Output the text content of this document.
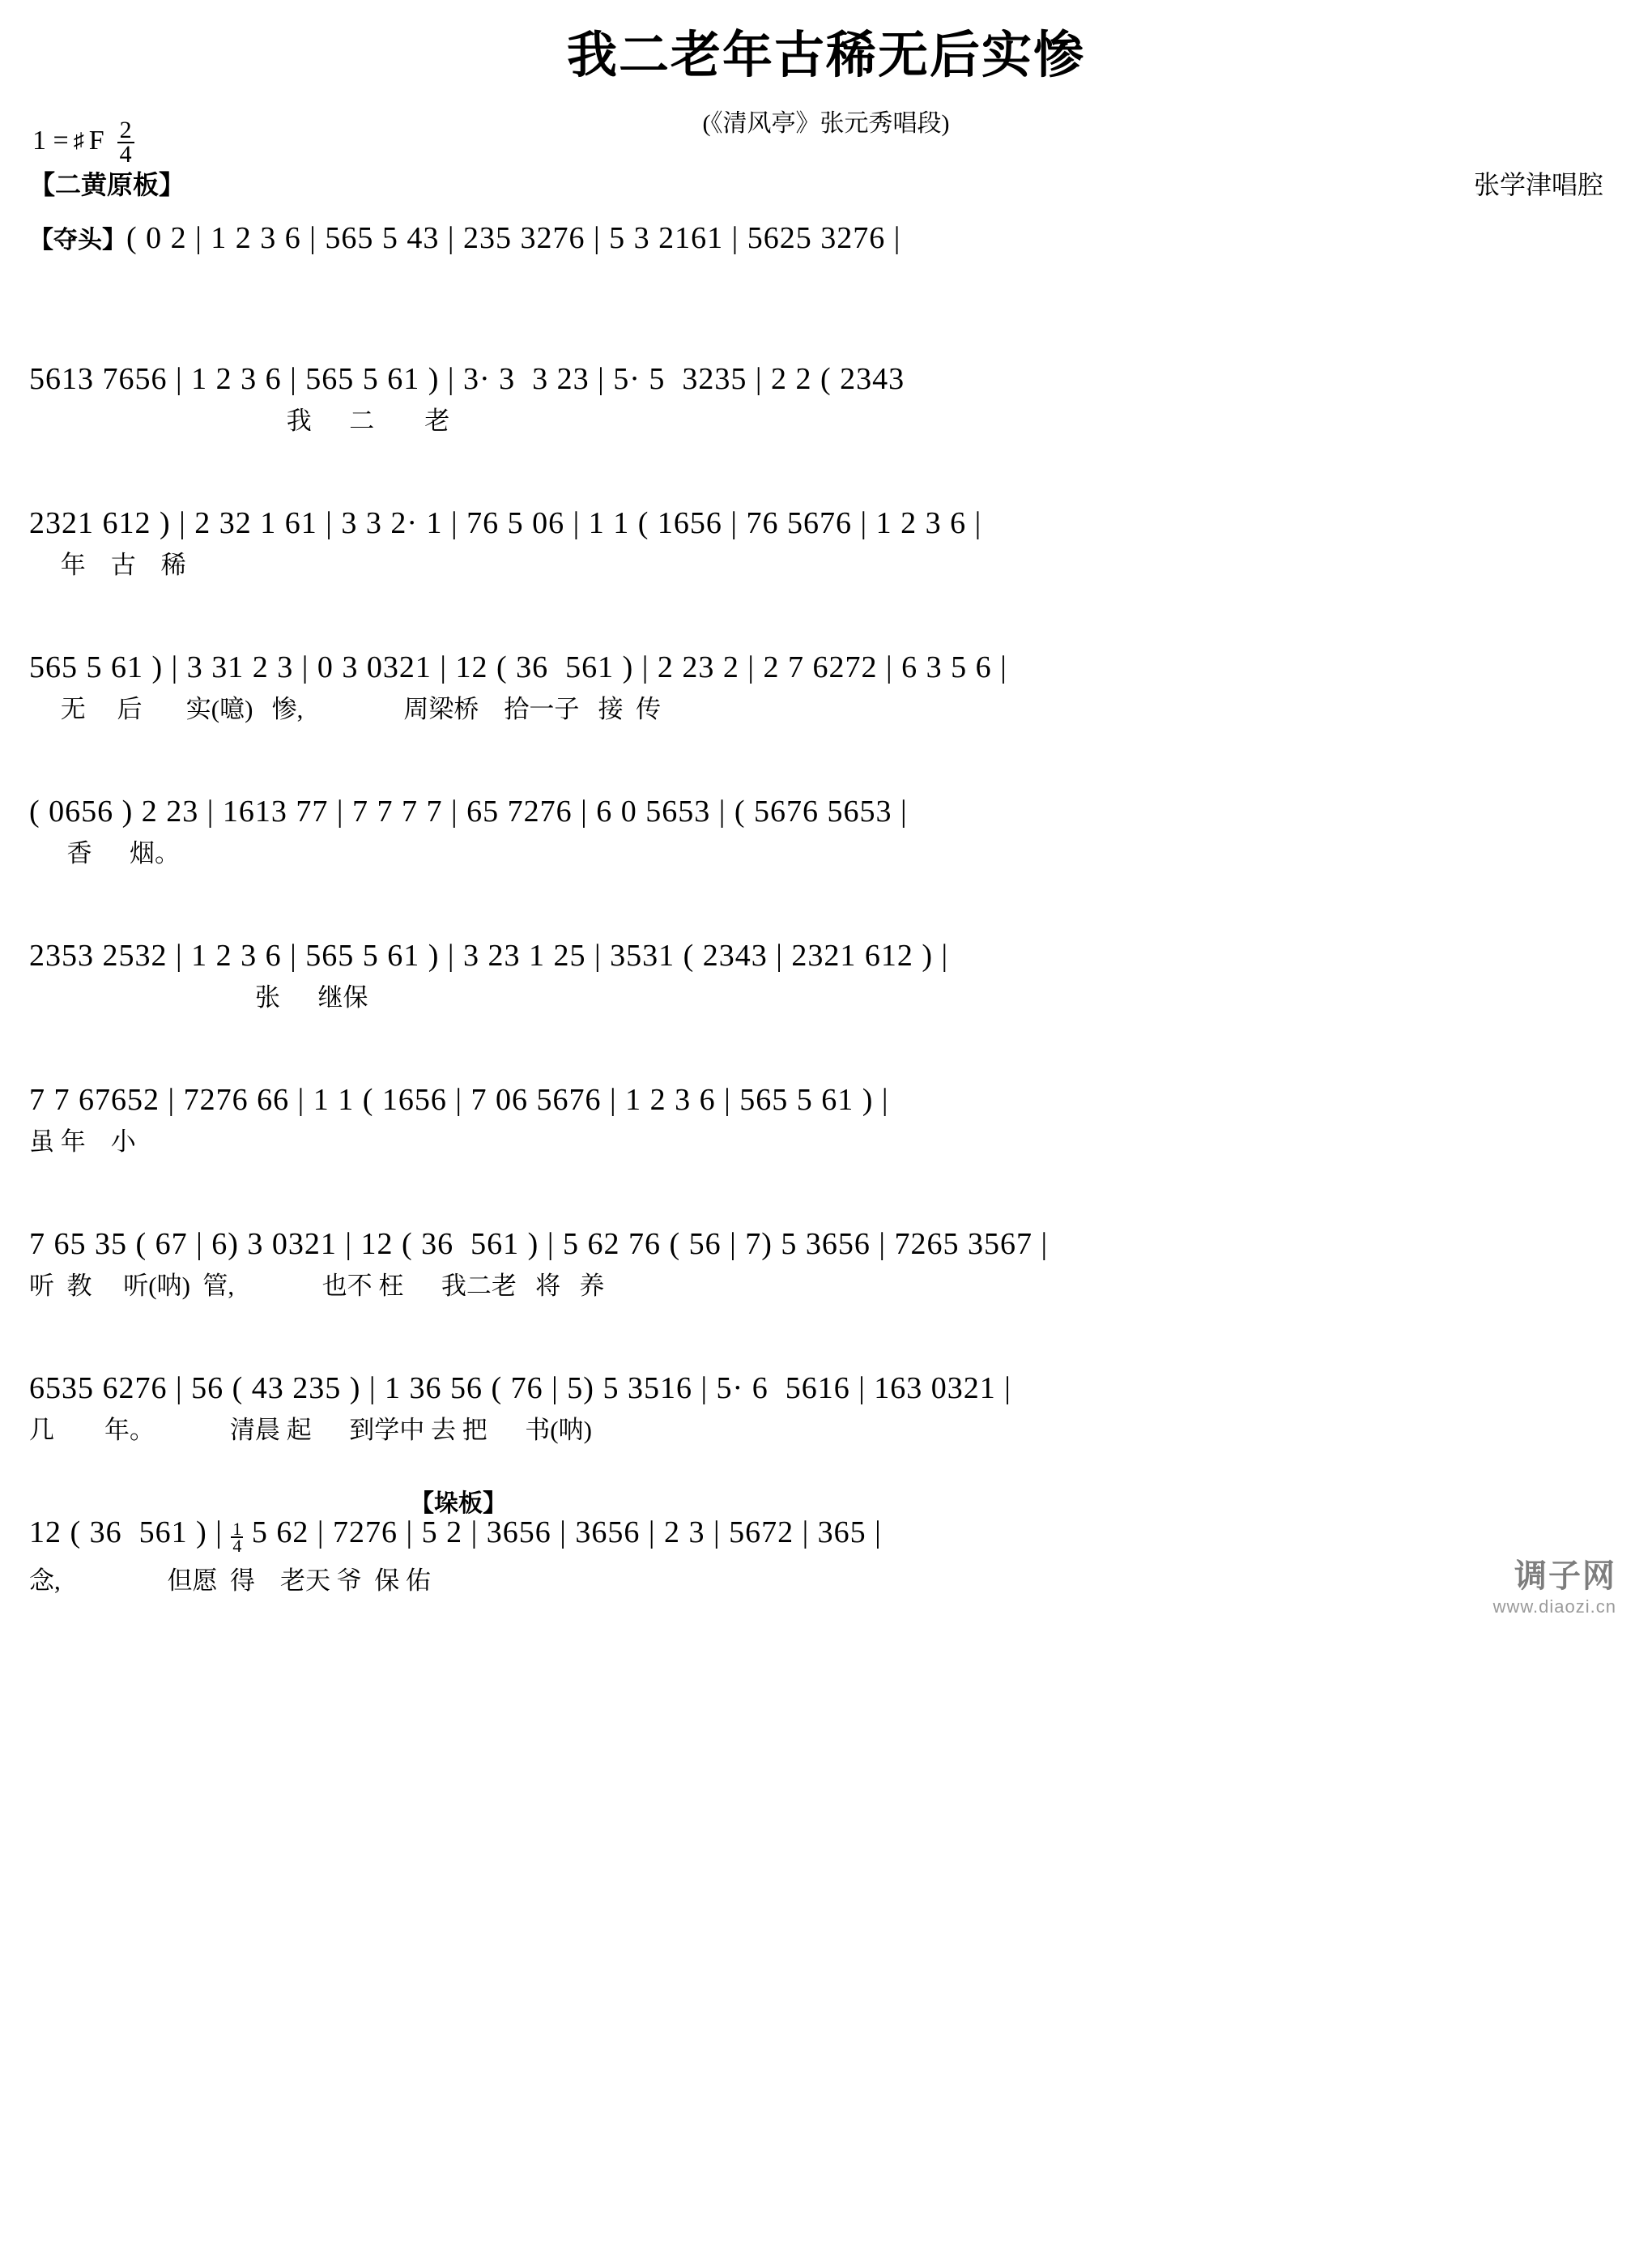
我二老年古稀无后实惨
(《清风亭》张元秀唱段)
1 = ♯ F $\frac{2}{4}$
【二黄原板】	张学津唱腔
【夺头】( 0 2 | 1 2 3 6 | 565 5 43 | 235 3276 | 5 3 2161 | 5625 3276 |
5613 7656 | 1 2 3 6 | 565 5 61 ) | 3· 3  3 23 | 5· 5  3235 | 2 2 ( 2343
我      二        老
2321 612 ) | 2 32 1 61 | 3 3 2· 1 | 76 5 06 | 1 1 ( 1656 | 76 5676 | 1 2 3 6 |
年    古    稀
565 5 61 ) | 3 31 2 3 | 0 3 0321 | 12 ( 36  561 ) | 2 23 2 | 2 7 6272 | 6 3 5 6 |
无     后       实(噫)   惨,                周梁桥    拾一子   接  传
( 0656 ) 2 23 | 1613 77 | 7 7 7 7 | 65 7276 | 6 0 5653 | ( 5676 5653 |
香      烟。
2353 2532 | 1 2 3 6 | 565 5 61 ) | 3 23 1 25 | 3531 ( 2343 | 2321 612 ) |
张      继保
7 7 67652 | 7276 66 | 1 1 ( 1656 | 7 06 5676 | 1 2 3 6 | 565 5 61 ) |
虽 年    小
7 65 35 ( 67 | 6) 3 0321 | 12 ( 36  561 ) | 5 62 76 ( 56 | 7) 5 3656 | 7265 3567 |
听  教     听(呐)  管,              也不 枉      我二老   将   养
6535 6276 | 56 ( 43 235 ) | 1 36 56 ( 76 | 5) 5 3516 | 5· 6  5616 | 163 0321 |
几        年。            清晨 起      到学中 去 把      书(呐)
【垛板】
12 ( 36  561 ) | $\frac{1}{4} 5$ 62 | 7276 | 5 2 | 3656 | 3656 | 2 3 | 5672 | 365 |
念,                 但愿  得    老天 爷  保 佑	调子网
www.diaozi.cn
